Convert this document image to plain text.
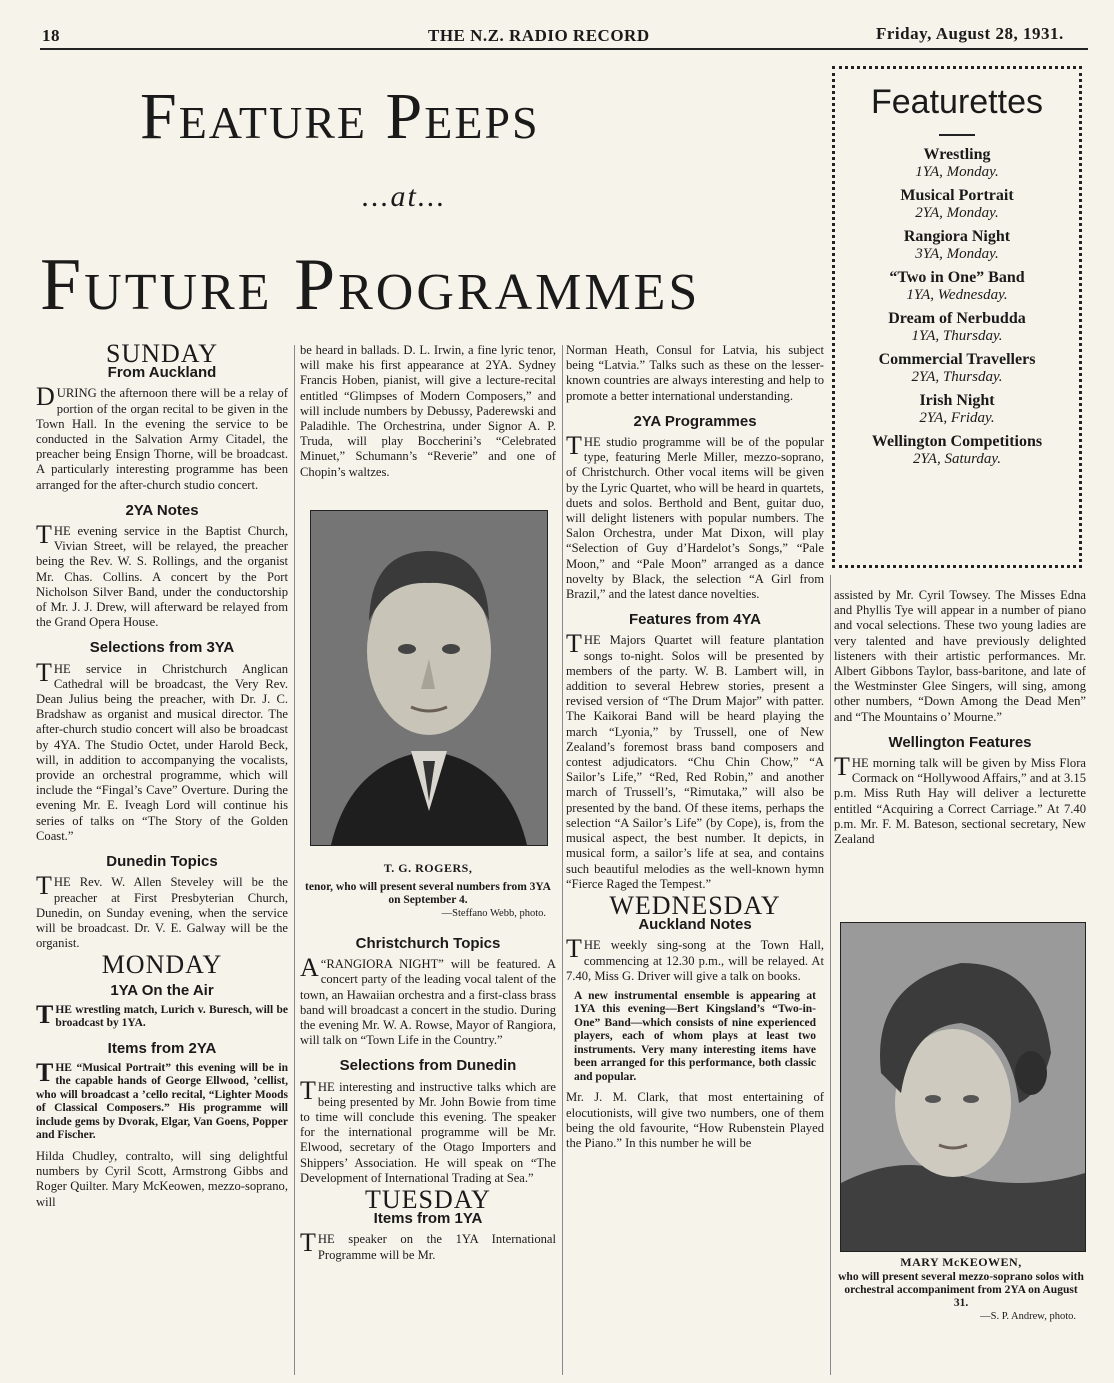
18	THE N.Z. RADIO RECORD	Friday, August 28, 1931.
Feature Peeps
...at...
Future Programmes
Featurettes
Wrestling
1YA, Monday.
Musical Portrait
2YA, Monday.
Rangiora Night
3YA, Monday.
“Two in One” Band
1YA, Wednesday.
Dream of Nerbudda
1YA, Thursday.
Commercial Travellers
2YA, Thursday.
Irish Night
2YA, Friday.
Wellington Competitions
2YA, Saturday.
SUNDAY
From Auckland

DURING the afternoon there will be a relay of portion of the organ recital to be given in the Town Hall. In the evening the service to be conducted in the Salvation Army Citadel, the preacher being Ensign Thorne, will be broadcast. A particularly interesting programme has been arranged for the after-church studio concert.

2YA Notes

THE evening service in the Baptist Church, Vivian Street, will be relayed, the preacher being the Rev. W. S. Rollings, and the organist Mr. Chas. Collins. A concert by the Port Nicholson Silver Band, under the conductorship of Mr. J. J. Drew, will afterward be relayed from the Grand Opera House.

Selections from 3YA

THE service in Christchurch Anglican Cathedral will be broadcast, the Very Rev. Dean Julius being the preacher, with Dr. J. C. Bradshaw as organist and musical director. The after-church studio concert will also be broadcast by 4YA. The Studio Octet, under Harold Beck, will, in addition to accompanying the vocalists, provide an orchestral programme, which will include the “Fingal’s Cave” Overture. During the evening Mr. E. Iveagh Lord will continue his series of talks on “The Story of the Golden Coast.”

Dunedin Topics

THE Rev. W. Allen Steveley will be the preacher at First Presbyterian Church, Dunedin, on Sunday evening, when the service will be broadcast. Dr. V. E. Galway will be the organist.

MONDAY
1YA On the Air

THE wrestling match, Lurich v. Buresch, will be broadcast by 1YA.

Items from 2YA

THE “Musical Portrait” this evening will be in the capable hands of George Ellwood, ’cellist, who will broadcast a ’cello recital, “Lighter Moods of Classical Composers.” His programme will include gems by Dvorak, Elgar, Van Goens, Popper and Fischer.

Hilda Chudley, contralto, will sing delightful numbers by Cyril Scott, Armstrong Gibbs and Roger Quilter. Mary McKeowen, mezzo-soprano, will

be heard in ballads. D. L. Irwin, a fine lyric tenor, will make his first appearance at 2YA. Sydney Francis Hoben, pianist, will give a lecture-recital entitled “Glimpses of Modern Composers,” and will include numbers by Debussy, Paderewski and Paladihle. The Orchestrina, under Signor A. P. Truda, will play Boccherini’s “Celebrated Minuet,” Schumann’s “Reverie” and one of Chopin’s waltzes.

T. G. ROGERS,
tenor, who will present several numbers from 3YA on September 4.
—Steffano Webb, photo.
Christchurch Topics

A“RANGIORA NIGHT” will be featured. A concert party of the leading vocal talent of the town, an Hawaiian orchestra and a first-class brass band will broadcast a concert in the studio. During the evening Mr. W. A. Rowse, Mayor of Rangiora, will talk on “Town Life in the Country.”

Selections from Dunedin

THE interesting and instructive talks which are being presented by Mr. John Bowie from time to time will conclude this evening. The speaker for the international programme will be Mr. Elwood, secretary of the Otago Importers and Shippers’ Association. He will speak on “The Development of International Trading at Sea.”

TUESDAY
Items from 1YA

THE speaker on the 1YA International Programme will be Mr.

Norman Heath, Consul for Latvia, his subject being “Latvia.” Talks such as these on the lesser-known countries are always interesting and help to promote a better international understanding.

2YA Programmes

THE studio programme will be of the popular type, featuring Merle Miller, mezzo-soprano, of Christchurch. Other vocal items will be given by the Lyric Quartet, who will be heard in quartets, duets and solos. Berthold and Bent, guitar duo, will delight listeners with popular numbers. The Salon Orchestra, under Mat Dixon, will play “Selection of Guy d’Hardelot’s Songs,” “Pale Moon,” and “Pale Moon” arranged as a dance novelty by Black, the selection “A Girl from Brazil,” and the latest dance novelties.

Features from 4YA

THE Majors Quartet will feature plantation songs to-night. Solos will be presented by members of the party. W. B. Lambert will, in addition to several Hebrew stories, present a revised version of “The Drum Major” with patter. The Kaikorai Band will be heard playing the march “Lyonia,” by Trussell, one of New Zealand’s foremost brass band composers and contest adjudicators. “Chu Chin Chow,” “A Sailor’s Life,” “Red, Red Robin,” and another march of Trussell’s, “Rimutaka,” will also be presented by the band. Of these items, perhaps the selection “A Sailor’s Life” (by Cope), is, from the musical aspect, the best number. It depicts, in musical form, a sailor’s life at sea, and contains such beautiful melodies as the well-known hymn “Fierce Raged the Tempest.”

WEDNESDAY
Auckland Notes

THE weekly sing-song at the Town Hall, commencing at 12.30 p.m., will be relayed. At 7.40, Miss G. Driver will give a talk on books.

A new instrumental ensemble is appearing at 1YA this evening—Bert Kingsland’s “Two-in-One” Band—which consists of nine experienced players, each of whom plays at least two instruments. Very many interesting items have been arranged for this performance, both classic and popular.

Mr. J. M. Clark, that most entertaining of elocutionists, will give two numbers, one of them being the old favourite, “How Rubenstein Played the Piano.” In this number he will be

assisted by Mr. Cyril Towsey. The Misses Edna and Phyllis Tye will appear in a number of piano and vocal selections. These two young ladies are very talented and have previously delighted listeners with their artistic performances. Mr. Albert Gibbons Taylor, bass-baritone, and late of the Westminster Glee Singers, will sing, among other numbers, “Down Among the Dead Men” and “The Mountains o’ Mourne.”

Wellington Features

THE morning talk will be given by Miss Flora Cormack on “Hollywood Affairs,” and at 3.15 p.m. Miss Ruth Hay will deliver a lecturette entitled “Acquiring a Correct Carriage.” At 7.40 p.m. Mr. F. M. Bateson, sectional secretary, New Zealand

MARY McKEOWEN,
who will present several mezzo-soprano solos with orchestral accompaniment from 2YA on August 31.
—S. P. Andrew, photo.
